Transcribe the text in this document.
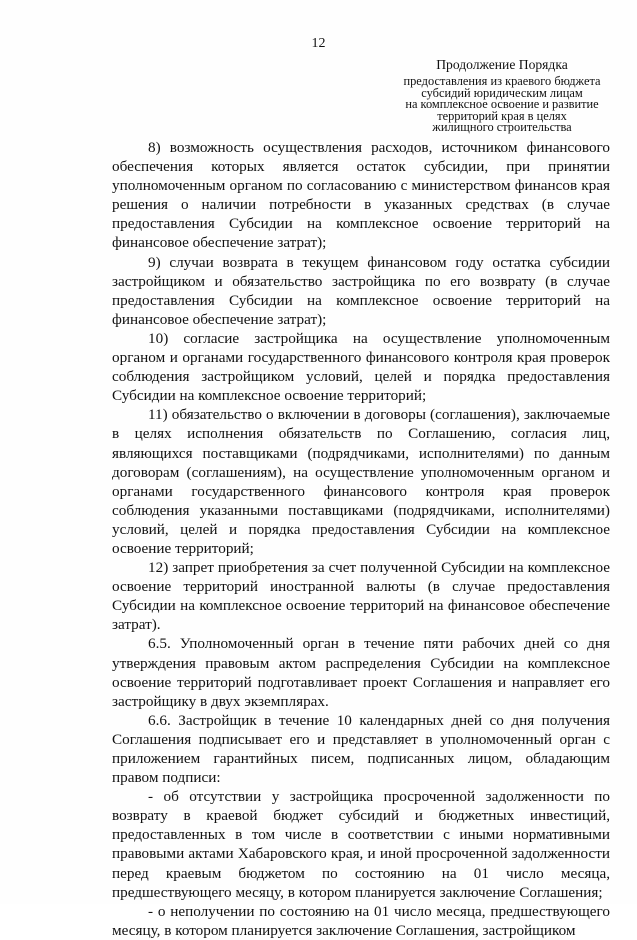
12
Продолжение Порядка
предоставления из краевого бюджета
субсидий юридическим лицам
на комплексное освоение и развитие
территорий края в целях
жилищного строительства

8) возможность осуществления расходов, источником финансового обеспечения которых является остаток субсидии, при принятии уполномоченным органом по согласованию с министерством финансов края решения о наличии потребности в указанных средствах (в случае предоставления Субсидии на комплексное освоение территорий на финансовое обеспечение затрат);

9) случаи возврата в текущем финансовом году остатка субсидии застройщиком и обязательство застройщика по его возврату (в случае предоставления Субсидии на комплексное освоение территорий на финансовое обеспечение затрат);

10) согласие застройщика на осуществление уполномоченным органом и органами государственного финансового контроля края проверок соблюдения застройщиком условий, целей и порядка предоставления Субсидии на комплексное освоение территорий;

11) обязательство о включении в договоры (соглашения), заключаемые в целях исполнения обязательств по Соглашению, согласия лиц, являющихся поставщиками (подрядчиками, исполнителями) по данным договорам (соглашениям), на осуществление уполномоченным органом и органами государственного финансового контроля края проверок соблюдения указанными поставщиками (подрядчиками, исполнителями) условий, целей и порядка предоставления Субсидии на комплексное освоение территорий;

12) запрет приобретения за счет полученной Субсидии на комплексное освоение территорий иностранной валюты (в случае предоставления Субсидии на комплексное освоение территорий на финансовое обеспечение затрат).

6.5. Уполномоченный орган в течение пяти рабочих дней со дня утверждения правовым актом распределения Субсидии на комплексное освоение территорий подготавливает проект Соглашения и направляет его застройщику в двух экземплярах.

6.6. Застройщик в течение 10 календарных дней со дня получения Соглашения подписывает его и представляет в уполномоченный орган с приложением гарантийных писем, подписанных лицом, обладающим правом подписи:

- об отсутствии у застройщика просроченной задолженности по возврату в краевой бюджет субсидий и бюджетных инвестиций, предоставленных в том числе в соответствии с иными нормативными правовыми актами Хабаровского края, и иной просроченной задолженности перед краевым бюджетом по состоянию на 01 число месяца, предшествующего месяцу, в котором планируется заключение Соглашения;

- о неполучении по состоянию на 01 число месяца, предшествующего месяцу, в котором планируется заключение Соглашения, застройщиком
